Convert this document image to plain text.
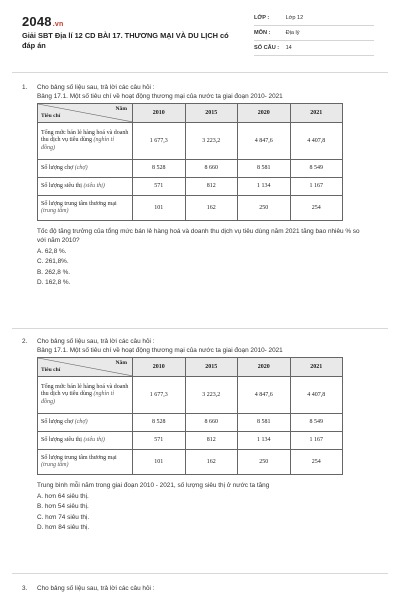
2048.vn
Giải SBT Địa lí 12 CD BÀI 17. THƯƠNG MẠI VÀ DU LỊCH có đáp án
LỚP :	Lớp 12
MÔN :	Địa lý
SỐ CÂU : 14
1. Cho bảng số liệu sau, trả lời các câu hỏi :
Bảng 17.1. Một số tiêu chí về hoạt động thương mại của nước ta giai đoạn 2010- 2021
Năm
Tiêu chí	2010	2015	2020	2021
Tổng mức bán lẻ hàng hoá và doanh thu dịch vụ tiêu dùng (nghìn tỉ đồng)	1 677,3	3 223,2	4 847,6	4 407,8
Số lượng chợ (chợ)	8 528	8 660	8 581	8 549
Số lượng siêu thị (siêu thị)	571	812	1 134	1 167
Số lượng trung tâm thương mại (trung tâm)	101	162	250	254
Tốc độ tăng trưởng của tổng mức bán lẻ hàng hoá và doanh thu dịch vụ tiêu dùng năm 2021 tăng bao nhiêu % so với năm 2010?
A. 62,8 %.
C. 261,8%.
B. 262,8 %.
D. 162,8 %.
2. Cho bảng số liệu sau, trả lời các câu hỏi :
Bảng 17.1. Một số tiêu chí về hoạt động thương mại của nước ta giai đoạn 2010- 2021
Năm
Tiêu chí	2010	2015	2020	2021
Tổng mức bán lẻ hàng hoá và doanh thu dịch vụ tiêu dùng (nghìn tỉ đồng)	1 677,3	3 223,2	4 847,6	4 407,8
Số lượng chợ (chợ)	8 528	8 660	8 581	8 549
Số lượng siêu thị (siêu thị)	571	812	1 134	1 167
Số lượng trung tâm thương mại (trung tâm)	101	162	250	254
Trung bình mỗi năm trong giai đoạn 2010 - 2021, số lượng siêu thị ở nước ta tăng
A. hơn 64 siêu thị.
B. hơn 54 siêu thị.
C. hơn 74 siêu thị.
D. hơn 84 siêu thị.
3. Cho bảng số liệu sau, trả lời các câu hỏi :
